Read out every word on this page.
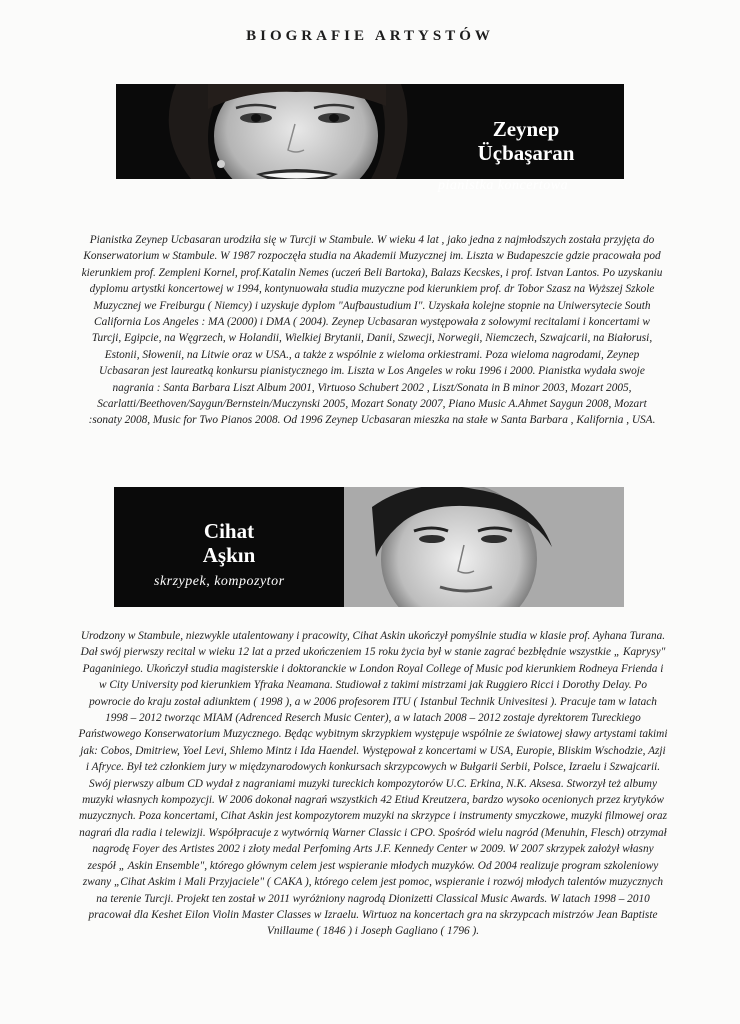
BIOGRAFIE ARTYSTÓW
Zeynep
Üçbaşaran
pianistka koncertowa

Pianistka Zeynep Ucbasaran urodziła się w Turcji w Stambule. W wieku 4 lat , jako jedna z najmłodszych została przyjęta do Konserwatorium w Stambule. W 1987 rozpoczęła studia na Akademii Muzycznej im. Liszta w Budapeszcie gdzie pracowała pod kierunkiem prof. Zempleni Kornel, prof.Katalin Nemes (uczeń Beli Bartoka), Balazs Kecskes, i prof. Istvan Lantos. Po uzyskaniu dyplomu artystki koncertowej w 1994, kontynuowała studia muzyczne pod kierunkiem prof. dr Tobor Szasz na Wyższej Szkole Muzycznej we Freiburgu ( Niemcy) i uzyskuje dyplom "Aufbaustudium I". Uzyskała kolejne stopnie na Uniwersytecie South California Los Angeles : MA (2000) i DMA ( 2004). Zeynep Ucbasaran występowała z solowymi recitalami i koncertami w Turcji, Egipcie, na Węgrzech, w Holandii, Wielkiej Brytanii, Danii, Szwecji, Norwegii, Niemczech, Szwajcarii, na Białorusi, Estonii, Słowenii, na Litwie oraz w USA., a także z wspólnie z wieloma orkiestrami. Poza wieloma nagrodami, Zeynep Ucbasaran jest laureatką konkursu pianistycznego im. Liszta w Los Angeles w roku 1996 i 2000. Pianistka wydała swoje nagrania : Santa Barbara Liszt Album 2001, Virtuoso Schubert 2002 , Liszt/Sonata in B minor 2003, Mozart 2005, Scarlatti/Beethoven/Saygun/Bernstein/Muczynski 2005, Mozart Sonaty 2007, Piano Music A.Ahmet Saygun 2008, Mozart :sonaty 2008, Music for Two Pianos 2008. Od 1996 Zeynep Ucbasaran mieszka na stałe w Santa Barbara , Kalifornia , USA.

Cihat
Aşkın
skrzypek, kompozytor

Urodzony w Stambule, niezwykle utalentowany i pracowity, Cihat Askin ukończył pomyślnie studia w klasie prof. Ayhana Turana. Dał swój pierwszy recital w wieku 12 lat a przed ukończeniem 15 roku życia był w stanie zagrać bezbłędnie wszystkie „ Kaprysy" Paganiniego. Ukończył studia magisterskie i doktoranckie w London Royal College of Music pod kierunkiem Rodneya Frienda i w City University pod kierunkiem Yfraka Neamana. Studiował z takimi mistrzami jak Ruggiero Ricci i Dorothy Delay. Po powrocie do kraju został adiunktem ( 1998 ), a w 2006 profesorem ITU ( Istanbul Technik Univesitesi ). Pracuje tam w latach 1998 – 2012 tworząc MIAM (Adrenced Reserch Music Center), a w latach 2008 – 2012 zostaje dyrektorem Tureckiego Państwowego Konserwatorium Muzycznego. Będąc wybitnym skrzypkiem występuje wspólnie ze światowej sławy artystami takimi jak: Cobos, Dmitriew, Yoel Levi, Shlemo Mintz i Ida Haendel. Występował z koncertami w USA, Europie, Bliskim Wschodzie, Azji i Afryce. Był też członkiem jury w międzynarodowych konkursach skrzypcowych w Bułgarii Serbii, Polsce, Izraelu i Szwajcarii. Swój pierwszy album CD wydał z nagraniami muzyki tureckich kompozytorów U.C. Erkina, N.K. Aksesa. Stworzył też albumy muzyki własnych kompozycji. W 2006 dokonał nagrań wszystkich 42 Etiud Kreutzera, bardzo wysoko ocenionych przez krytyków muzycznych. Poza koncertami, Cihat Askin jest kompozytorem muzyki na skrzypce i instrumenty smyczkowe, muzyki filmowej oraz nagrań dla radia i telewizji. Współpracuje z wytwórnią Warner Classic i CPO. Spośród wielu nagród (Menuhin, Flesch) otrzymał nagrodę Foyer des Artistes 2002 i złoty medal Perfoming Arts J.F. Kennedy Center w 2009. W 2007 skrzypek założył własny zespół „ Askin Ensemble", którego głównym celem jest wspieranie młodych muzyków. Od 2004 realizuje program szkoleniowy zwany „Cihat Askim i Mali Przyjaciele" ( CAKA ), którego celem jest pomoc, wspieranie i rozwój młodych talentów muzycznych na terenie Turcji. Projekt ten został w 2011 wyróżniony nagrodą Dionizetti Classical Music Awards. W latach 1998 – 2010 pracował dla Keshet Eilon Violin Master Classes w Izraelu. Wirtuoz na koncertach gra na skrzypcach mistrzów Jean Baptiste Vnillaume ( 1846 ) i Joseph Gagliano ( 1796 ).
